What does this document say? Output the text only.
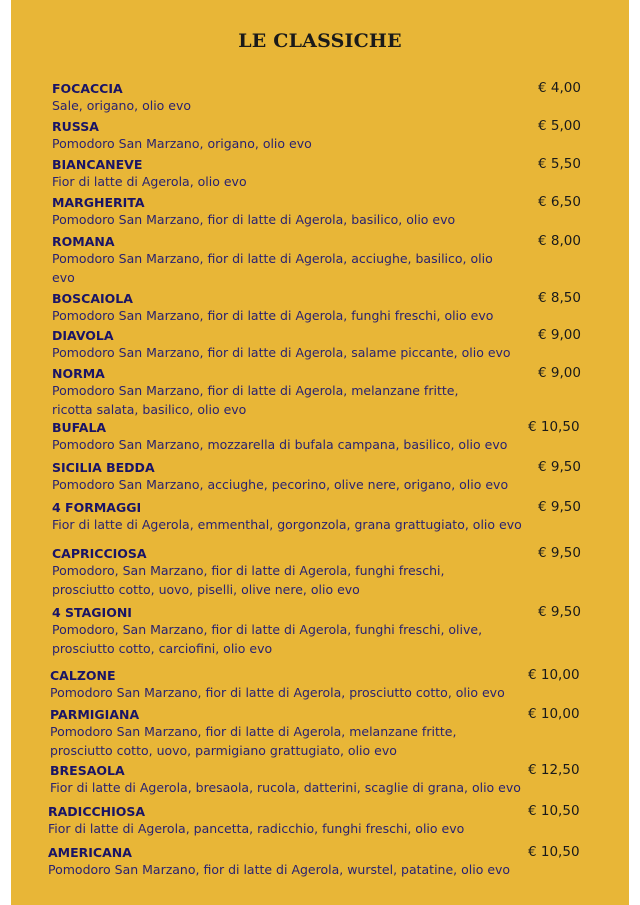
LE CLASSICHE
FOCACCIA	€ 4,00
Sale, origano, olio evo
RUSSA	€ 5,00
Pomodoro San Marzano, origano, olio evo
BIANCANEVE	€ 5,50
Fior di latte di Agerola, olio evo
MARGHERITA	€ 6,50
Pomodoro San Marzano, fior di latte di Agerola, basilico, olio evo
ROMANA	€ 8,00
Pomodoro San Marzano, fior di latte di Agerola, acciughe, basilico, olio evo
BOSCAIOLA	€ 8,50
Pomodoro San Marzano, fior di latte di Agerola, funghi freschi, olio evo
DIAVOLA	€ 9,00
Pomodoro San Marzano, fior di latte di Agerola, salame piccante, olio evo
NORMA	€ 9,00
Pomodoro San Marzano, fior di latte di Agerola, melanzane fritte, ricotta salata, basilico, olio evo
BUFALA	€ 10,50
Pomodoro San Marzano, mozzarella di bufala campana, basilico, olio evo
SICILIA BEDDA	€ 9,50
Pomodoro San Marzano, acciughe, pecorino, olive nere, origano, olio evo
4 FORMAGGI	€ 9,50
Fior di latte di Agerola, emmenthal, gorgonzola, grana grattugiato, olio evo
CAPRICCIOSA	€ 9,50
Pomodoro, San Marzano, fior di latte di Agerola, funghi freschi, prosciutto cotto, uovo, piselli, olive nere, olio evo
4 STAGIONI	€ 9,50
Pomodoro, San Marzano, fior di latte di Agerola, funghi freschi, olive, prosciutto cotto, carciofini, olio evo
CALZONE	€ 10,00
Pomodoro San Marzano, fior di latte di Agerola, prosciutto cotto, olio evo
PARMIGIANA	€ 10,00
Pomodoro San Marzano, fior di latte di Agerola, melanzane fritte, prosciutto cotto, uovo, parmigiano grattugiato, olio evo
BRESAOLA	€ 12,50
Fior di latte di Agerola, bresaola, rucola, datterini, scaglie di grana, olio evo
RADICCHIOSA	€ 10,50
Fior di latte di Agerola, pancetta, radicchio, funghi freschi, olio evo
AMERICANA	€ 10,50
Pomodoro San Marzano, fior di latte di Agerola, wurstel, patatine, olio evo
